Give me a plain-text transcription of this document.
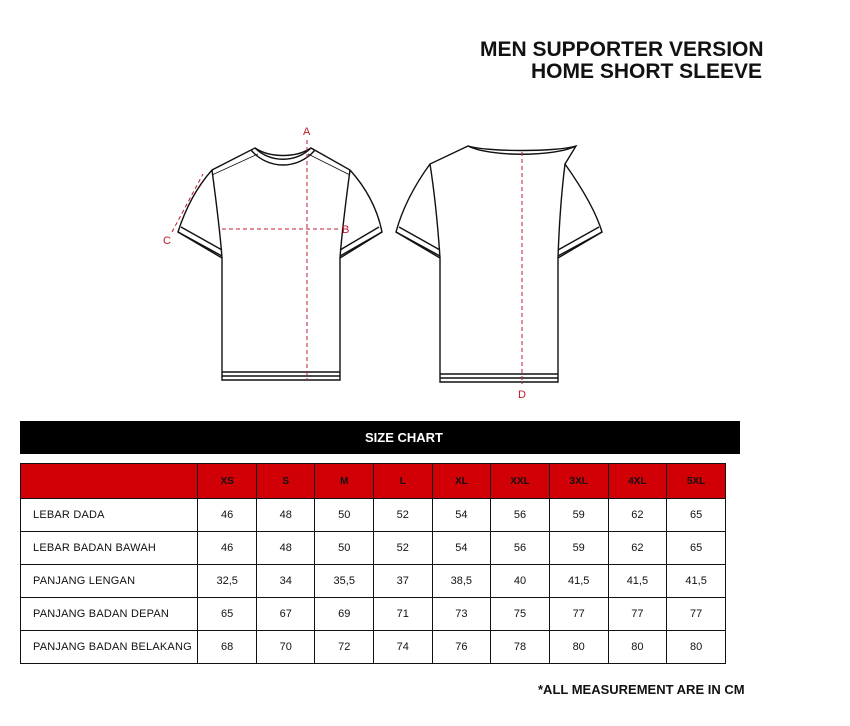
MEN SUPPORTER VERSION
HOME SHORT SLEEVE
A
B
C
D
SIZE CHART
	XS	S	M	L	XL	XXL	3XL	4XL	5XL
LEBAR DADA	46	48	50	52	54	56	59	62	65
LEBAR BADAN BAWAH	46	48	50	52	54	56	59	62	65
PANJANG LENGAN	32,5	34	35,5	37	38,5	40	41,5	41,5	41,5
PANJANG BADAN DEPAN	65	67	69	71	73	75	77	77	77
PANJANG BADAN BELAKANG	68	70	72	74	76	78	80	80	80
*ALL MEASUREMENT ARE IN CM
